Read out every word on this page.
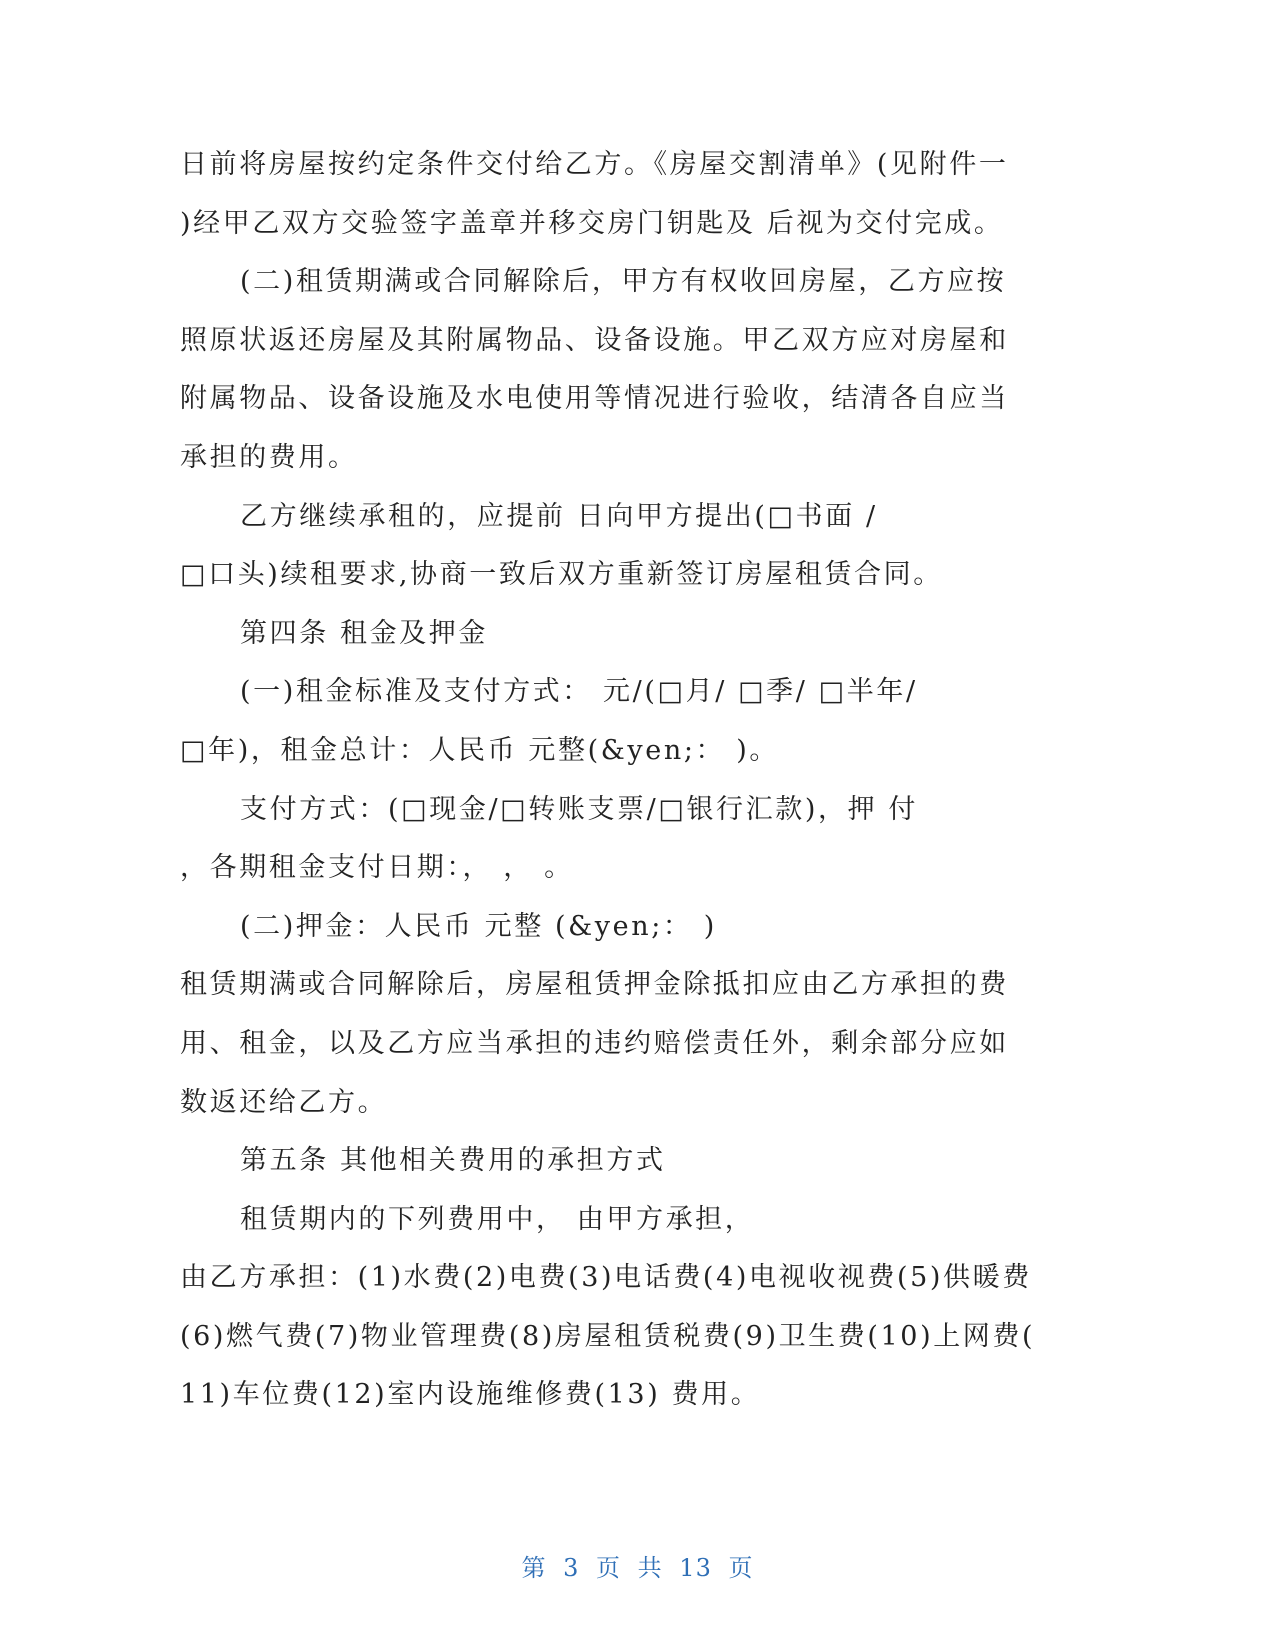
日前将房屋按约定条件交付给乙方。《房屋交割清单》(见附件一
)经甲乙双方交验签字盖章并移交房门钥匙及 后视为交付完成。
(二)租赁期满或合同解除后，甲方有权收回房屋，乙方应按
照原状返还房屋及其附属物品、设备设施。甲乙双方应对房屋和
附属物品、设备设施及水电使用等情况进行验收，结清各自应当
承担的费用。
乙方继续承租的，应提前 日向甲方提出(□书面 /
□口头)续租要求,协商一致后双方重新签订房屋租赁合同。
第四条 租金及押金
(一)租金标准及支付方式： 元/(□月/ □季/ □半年/
□年)，租金总计：人民币 元整(&yen;： )。
支付方式：(□现金/□转账支票/□银行汇款)，押 付
，各期租金支付日期：， ， 。
(二)押金：人民币 元整 (&yen;： )
租赁期满或合同解除后，房屋租赁押金除抵扣应由乙方承担的费
用、租金，以及乙方应当承担的违约赔偿责任外，剩余部分应如
数返还给乙方。
第五条 其他相关费用的承担方式
租赁期内的下列费用中， 由甲方承担，
由乙方承担：(1)水费(2)电费(3)电话费(4)电视收视费(5)供暖费
(6)燃气费(7)物业管理费(8)房屋租赁税费(9)卫生费(10)上网费(
11)车位费(12)室内设施维修费(13) 费用。
第 3 页 共 13 页
